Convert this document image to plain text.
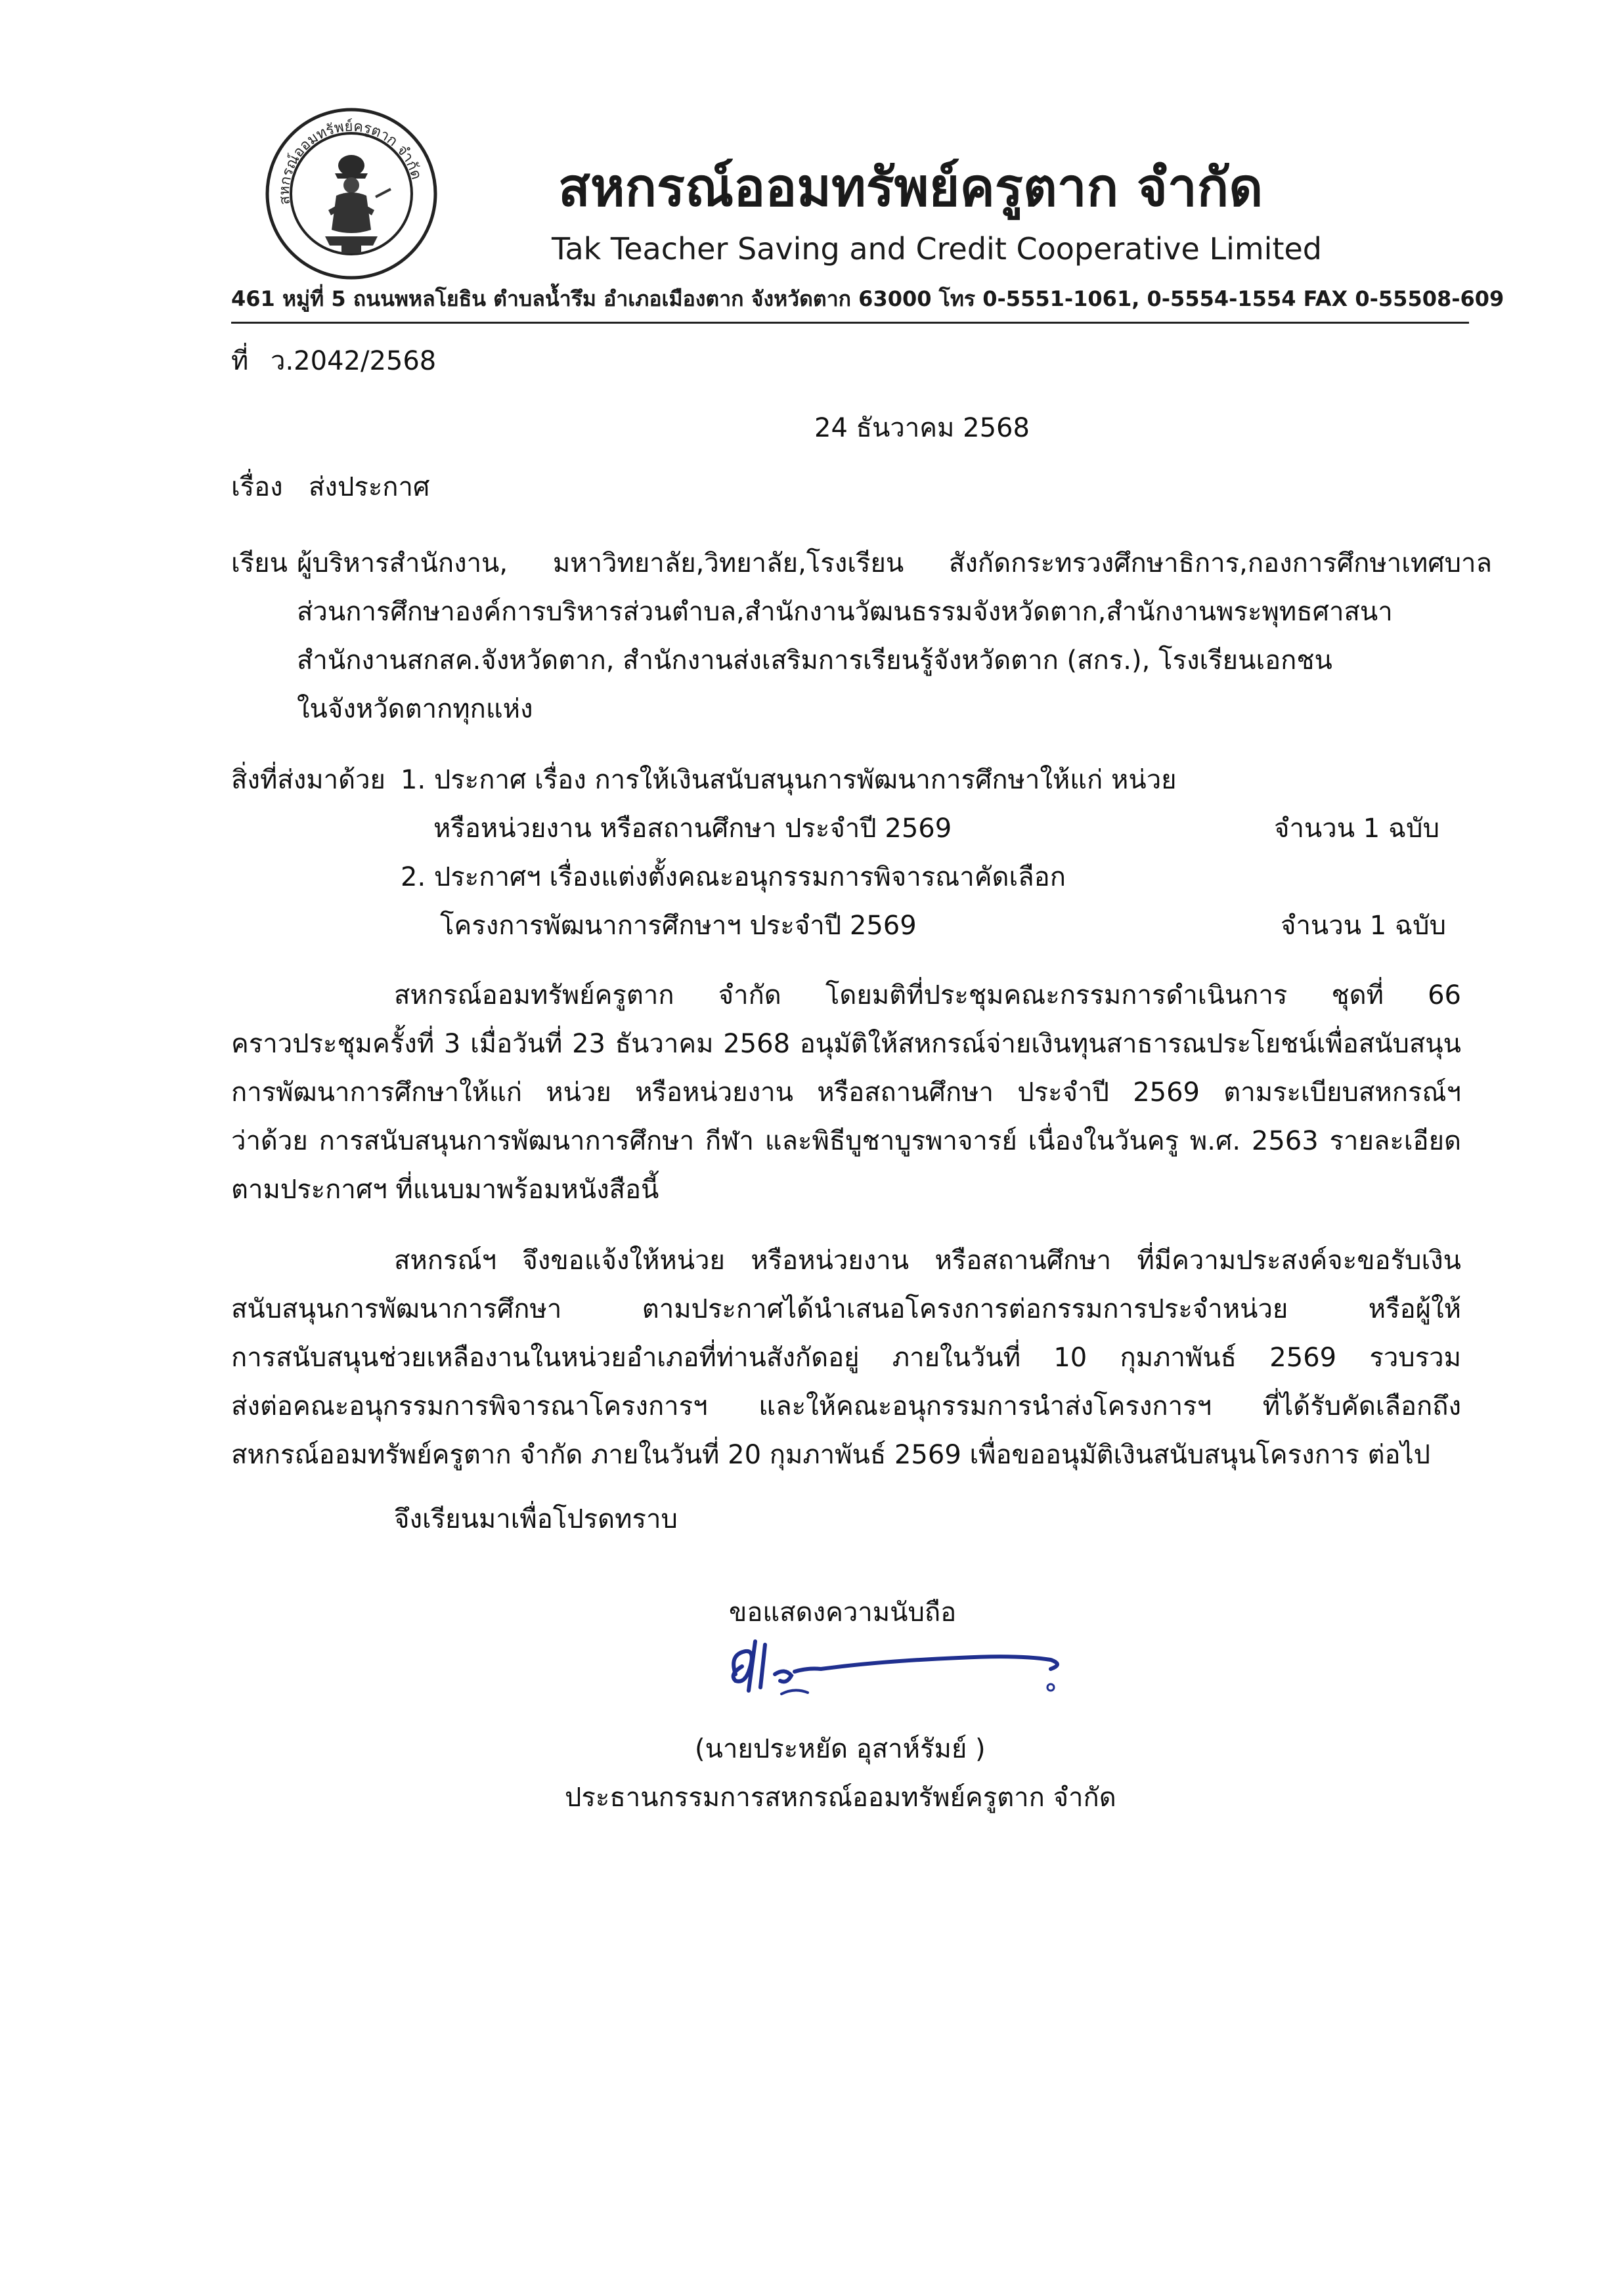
สหกรณ์ออมทรัพย์ครูตาก จำกัด	สหกรณ์ออมทรัพย์ครูตาก จำกัด
Tak Teacher Saving and Credit Cooperative Limited
461 หมู่ที่ 5 ถนนพหลโยธิน ตำบลน้ำรึม อำเภอเมืองตาก จังหวัดตาก 63000 โทร 0-5551-1061, 0-5554-1554 FAX 0-55508-609
ที่ ว.2042/2568
24 ธันวาคม 2568
เรื่อง ส่งประกาศ
เรียน ผู้บริหารสำนักงาน, มหาวิทยาลัย,วิทยาลัย,โรงเรียน สังกัดกระทรวงศึกษาธิการ,กองการศึกษาเทศบาล
ส่วนการศึกษาองค์การบริหารส่วนตำบล,สำนักงานวัฒนธรรมจังหวัดตาก,สำนักงานพระพุทธศาสนา
สำนักงานสกสค.จังหวัดตาก, สำนักงานส่งเสริมการเรียนรู้จังหวัดตาก (สกร.), โรงเรียนเอกชน
ในจังหวัดตากทุกแห่ง
สิ่งที่ส่งมาด้วย 1. ประกาศ เรื่อง การให้เงินสนับสนุนการพัฒนาการศึกษาให้แก่ หน่วย
หรือหน่วยงาน หรือสถานศึกษา ประจำปี 2569	จำนวน 1 ฉบับ
2. ประกาศฯ เรื่องแต่งตั้งคณะอนุกรรมการพิจารณาคัดเลือก
โครงการพัฒนาการศึกษาฯ ประจำปี 2569	จำนวน 1 ฉบับ
สหกรณ์ออมทรัพย์ครูตาก จำกัด โดยมติที่ประชุมคณะกรรมการดำเนินการ ชุดที่ 66
คราวประชุมครั้งที่ 3 เมื่อวันที่ 23 ธันวาคม 2568 อนุมัติให้สหกรณ์จ่ายเงินทุนสาธารณประโยชน์เพื่อสนับสนุน
การพัฒนาการศึกษาให้แก่ หน่วย หรือหน่วยงาน หรือสถานศึกษา ประจำปี 2569 ตามระเบียบสหกรณ์ฯ
ว่าด้วย การสนับสนุนการพัฒนาการศึกษา กีฬา และพิธีบูชาบูรพาจารย์ เนื่องในวันครู พ.ศ. 2563 รายละเอียด
ตามประกาศฯ ที่แนบมาพร้อมหนังสือนี้
สหกรณ์ฯ จึงขอแจ้งให้หน่วย หรือหน่วยงาน หรือสถานศึกษา ที่มีความประสงค์จะขอรับเงิน
สนับสนุนการพัฒนาการศึกษา ตามประกาศได้นำเสนอโครงการต่อกรรมการประจำหน่วย หรือผู้ให้
การสนับสนุนช่วยเหลืองานในหน่วยอำเภอที่ท่านสังกัดอยู่ ภายในวันที่ 10 กุมภาพันธ์ 2569 รวบรวม
ส่งต่อคณะอนุกรรมการพิจารณาโครงการฯ และให้คณะอนุกรรมการนำส่งโครงการฯ ที่ได้รับคัดเลือกถึง
สหกรณ์ออมทรัพย์ครูตาก จำกัด ภายในวันที่ 20 กุมภาพันธ์ 2569 เพื่อขออนุมัติเงินสนับสนุนโครงการ ต่อไป
จึงเรียนมาเพื่อโปรดทราบ
ขอแสดงความนับถือ
(นายประหยัด อุสาห์รัมย์ )
ประธานกรรมการสหกรณ์ออมทรัพย์ครูตาก จำกัด
